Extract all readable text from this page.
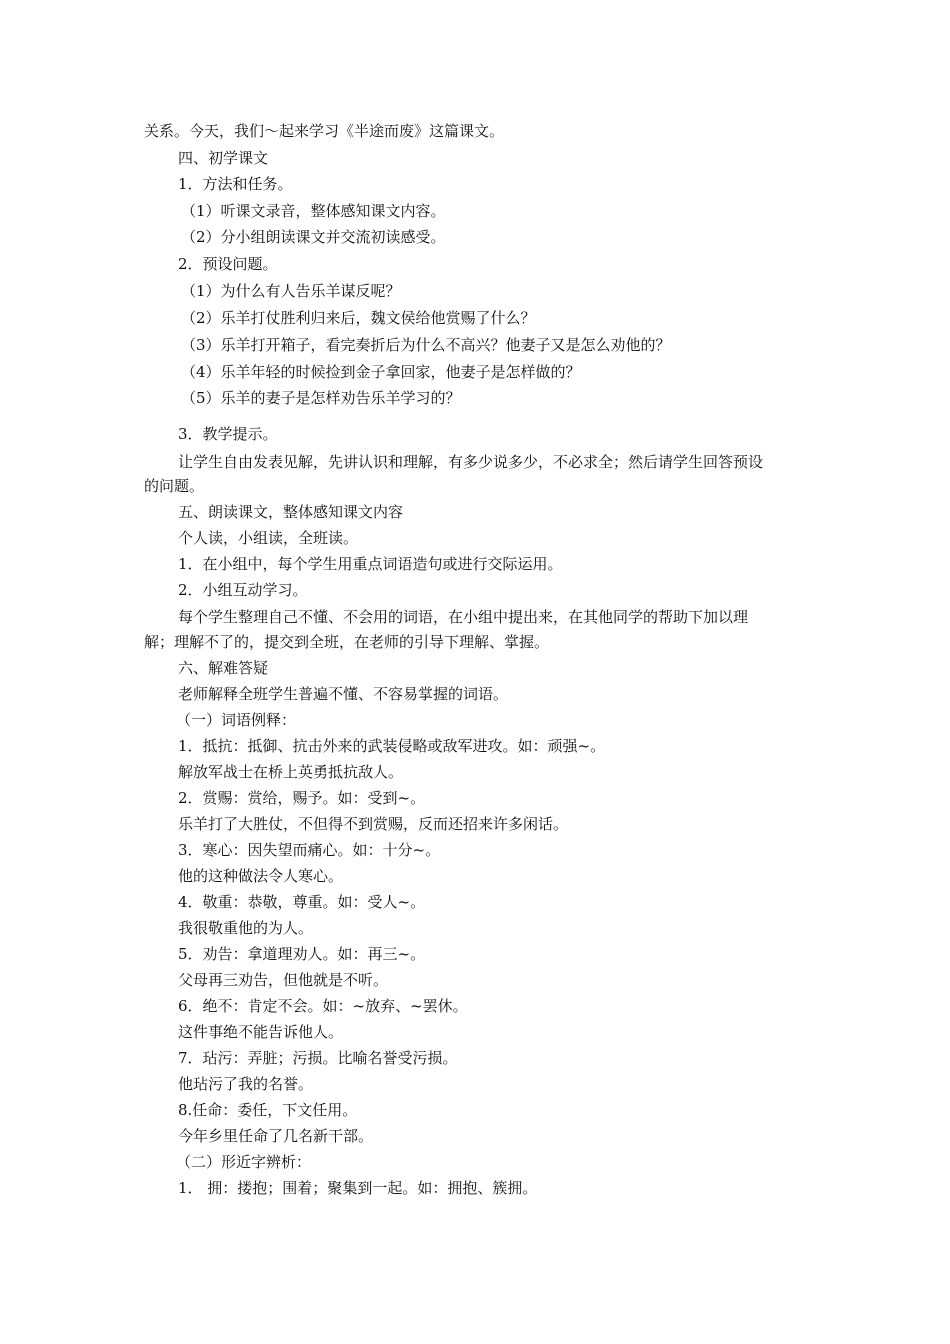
关系。今天，我们～起来学习《半途而废》这篇课文。
四、初学课文
1．方法和任务。
（1）听课文录音，整体感知课文内容。
（2）分小组朗读课文并交流初读感受。
2．预设问题。
（1）为什么有人告乐羊谋反呢？
（2）乐羊打仗胜利归来后，魏文侯给他赏赐了什么？
（3）乐羊打开箱子，看完奏折后为什么不高兴？他妻子又是怎么劝他的？
（4）乐羊年轻的时候捡到金子拿回家，他妻子是怎样做的？
（5）乐羊的妻子是怎样劝告乐羊学习的？
3．教学提示。
让学生自由发表见解，先讲认识和理解，有多少说多少，不必求全；然后请学生回答预设
的问题。
五、朗读课文，整体感知课文内容
个人读，小组读，全班读。
1．在小组中，每个学生用重点词语造句或进行交际运用。
2．小组互动学习。
每个学生整理自己不懂、不会用的词语，在小组中提出来，在其他同学的帮助下加以理
解；理解不了的，提交到全班，在老师的引导下理解、掌握。
六、解难答疑
老师解释全班学生普遍不懂、不容易掌握的词语。
（一）词语例释：
1．抵抗：抵御、抗击外来的武装侵略或敌军进攻。如：顽强~。
解放军战士在桥上英勇抵抗敌人。
2．赏赐：赏给，赐予。如：受到~。
乐羊打了大胜仗，不但得不到赏赐，反而还招来许多闲话。
3．寒心：因失望而痛心。如：十分~。
他的这种做法令人寒心。
4．敬重：恭敬，尊重。如：受人~。
我很敬重他的为人。
5．劝告：拿道理劝人。如：再三~。
父母再三劝告，但他就是不听。
6．绝不：肯定不会。如：~放弃、~罢休。
这件事绝不能告诉他人。
7．玷污：弄脏；污损。比喻名誉受污损。
他玷污了我的名誉。
8.任命：委任，下文任用。
今年乡里任命了几名新干部。
（二）形近字辨析：
1． 拥：搂抱；围着；聚集到一起。如：拥抱、簇拥。
